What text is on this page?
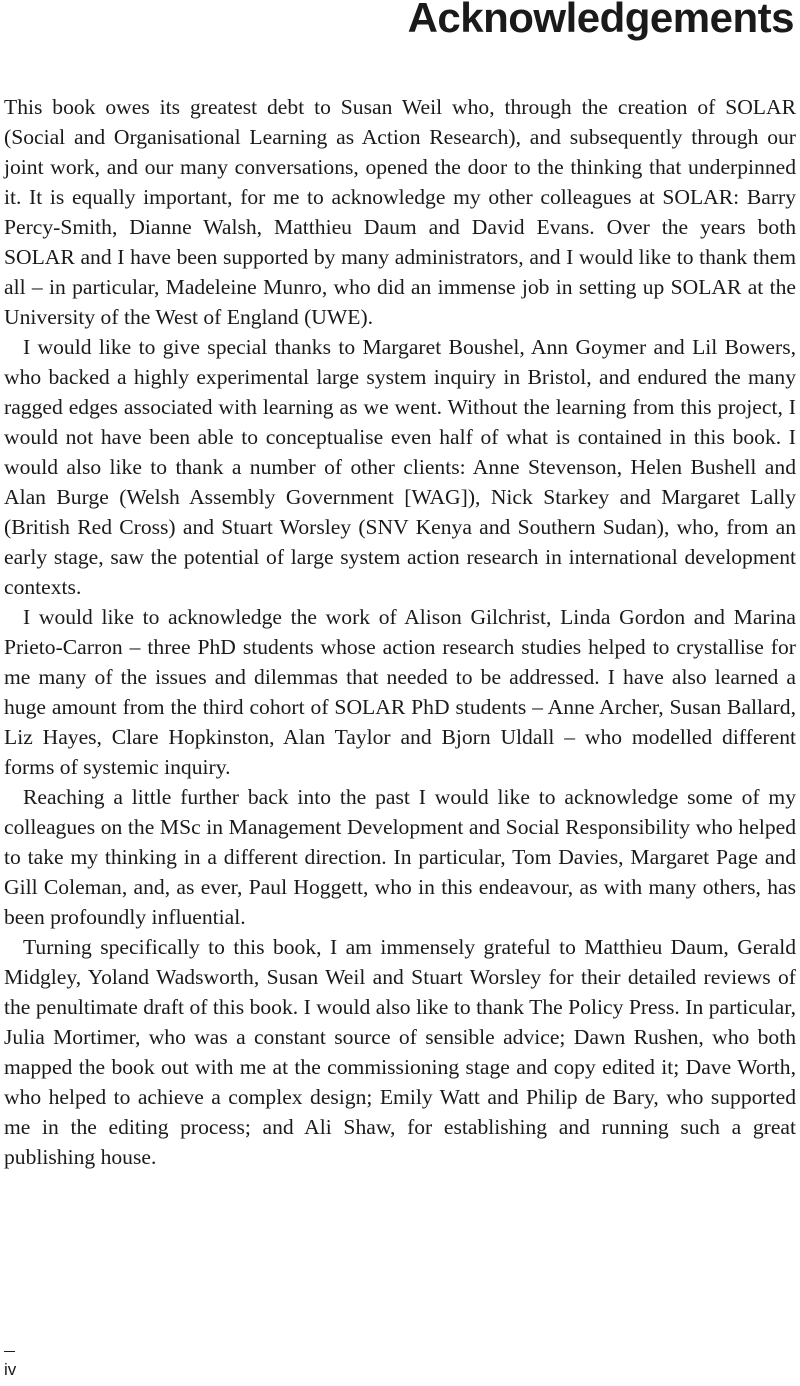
Acknowledgements

This book owes its greatest debt to Susan Weil who, through the creation of SOLAR (Social and Organisational Learning as Action Research), and subsequently through our joint work, and our many conversations, opened the door to the thinking that underpinned it. It is equally important, for me to acknowledge my other colleagues at SOLAR: Barry Percy-Smith, Dianne Walsh, Matthieu Daum and David Evans. Over the years both SOLAR and I have been supported by many administrators, and I would like to thank them all – in particular, Madeleine Munro, who did an immense job in setting up SOLAR at the University of the West of England (UWE).

I would like to give special thanks to Margaret Boushel, Ann Goymer and Lil Bowers, who backed a highly experimental large system inquiry in Bristol, and endured the many ragged edges associated with learning as we went. Without the learning from this project, I would not have been able to conceptualise even half of what is contained in this book. I would also like to thank a number of other clients: Anne Stevenson, Helen Bushell and Alan Burge (Welsh Assembly Government [WAG]), Nick Starkey and Margaret Lally (British Red Cross) and Stuart Worsley (SNV Kenya and Southern Sudan), who, from an early stage, saw the potential of large system action research in international development contexts.

I would like to acknowledge the work of Alison Gilchrist, Linda Gordon and Marina Prieto-Carron – three PhD students whose action research studies helped to crystallise for me many of the issues and dilemmas that needed to be addressed. I have also learned a huge amount from the third cohort of SOLAR PhD students – Anne Archer, Susan Ballard, Liz Hayes, Clare Hopkinston, Alan Taylor and Bjorn Uldall – who modelled different forms of systemic inquiry.

Reaching a little further back into the past I would like to acknowledge some of my colleagues on the MSc in Management Development and Social Responsibility who helped to take my thinking in a different direction. In particular, Tom Davies, Margaret Page and Gill Coleman, and, as ever, Paul Hoggett, who in this endeavour, as with many others, has been profoundly influential.

Turning specifically to this book, I am immensely grateful to Matthieu Daum, Gerald Midgley, Yoland Wadsworth, Susan Weil and Stuart Worsley for their detailed reviews of the penultimate draft of this book. I would also like to thank The Policy Press. In particular, Julia Mortimer, who was a constant source of sensible advice; Dawn Rushen, who both mapped the book out with me at the commissioning stage and copy edited it; Dave Worth, who helped to achieve a complex design; Emily Watt and Philip de Bary, who supported me in the editing process; and Ali Shaw, for establishing and running such a great publishing house.

iv
